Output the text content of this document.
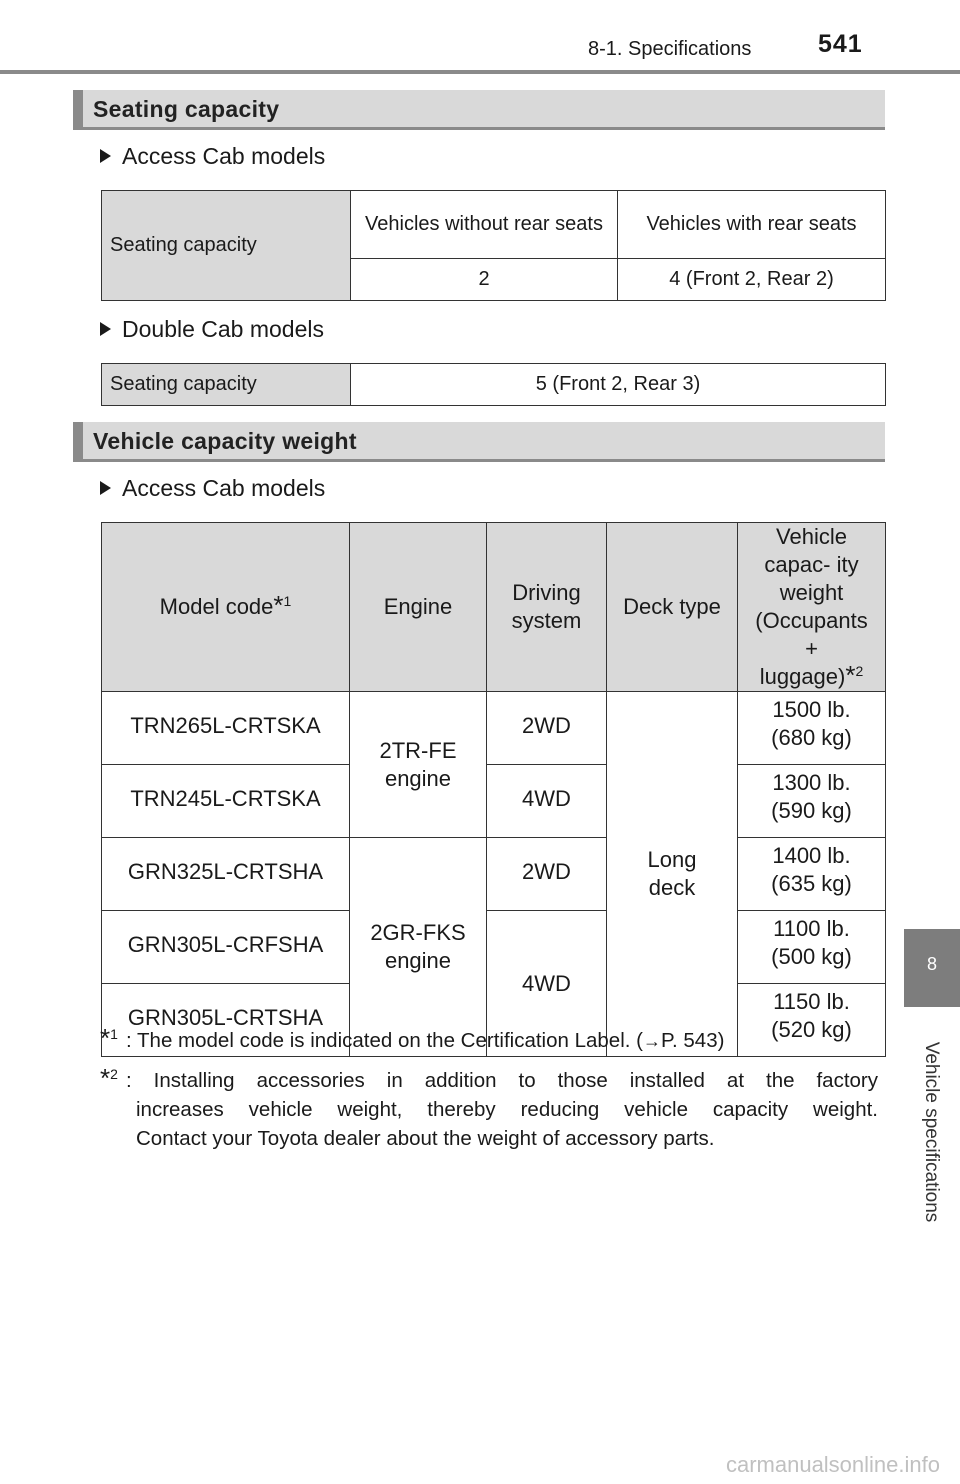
8-1. Specifications	541
8
Vehicle specifications
Seating capacity
Access Cab models
Seating capacity	Vehicles without rear seats	Vehicles with rear seats
	2	4 (Front 2, Rear 2)
Double Cab models
Seating capacity	5 (Front 2, Rear 3)
Vehicle capacity weight
Access Cab models
Model code*$^1$	Engine	Driving system	Deck type	Vehicle capac- ity weight (Occupants + luggage)*$^2$
TRN265L-CRTSKA	2TR-FE engine	2WD	Long deck	1500 lb.
(680 kg)
TRN245L-CRTSKA		4WD		1300 lb.
(590 kg)
GRN325L-CRTSHA	2GR-FKS engine	2WD		1400 lb.
(635 kg)
GRN305L-CRFSHA		4WD		1100 lb.
(500 kg)
GRN305L-CRTSHA				1150 lb.
(520 kg)
*$^1$ : The model code is indicated on the Certification Label. (→P. 543)
*$^2$ : Installing accessories in addition to those installed at the factory
increases vehicle weight, thereby reducing vehicle capacity weight.
Contact your Toyota dealer about the weight of accessory parts.
carmanualsonline.info
